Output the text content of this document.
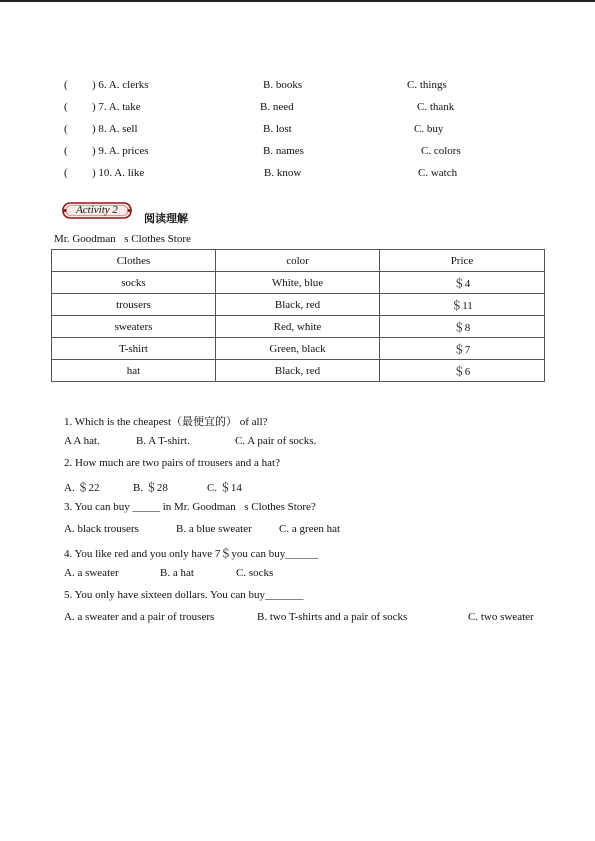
( ) 6. A. clerks	B. books	C. things
( ) 7. A. take	B. need	C. thank
( ) 8. A. sell	B. lost	C. buy
( ) 9. A. prices	B. names	C. colors
( ) 10. A. like	B. know	C. watch
Activity 2
阅读理解
Mr. Goodman s Clothes Store
Clothes	color	Price
socks	White, blue	＄4
trousers	Black, red	＄11
sweaters	Red, white	＄8
T-shirt	Green, black	＄7
hat	Black, red	＄6
1. Which is the cheapest（最便宜的） of all?
A A hat.	B. A T-shirt.	C. A pair of socks.
2. How much are two pairs of trousers and a hat?
A. ＄22	B. ＄28	C. ＄14
3. You can buy _____ in Mr. Goodman s Clothes Store?
A. black trousers	B. a blue sweater C. a green hat
4. You like red and you only have 7＄you can buy______
A. a sweater	B. a hat	C. socks
5. You only have sixteen dollars. You can buy_______
A. a sweater and a pair of trousers	B. two T-shirts and a pair of socks	C. two sweater
